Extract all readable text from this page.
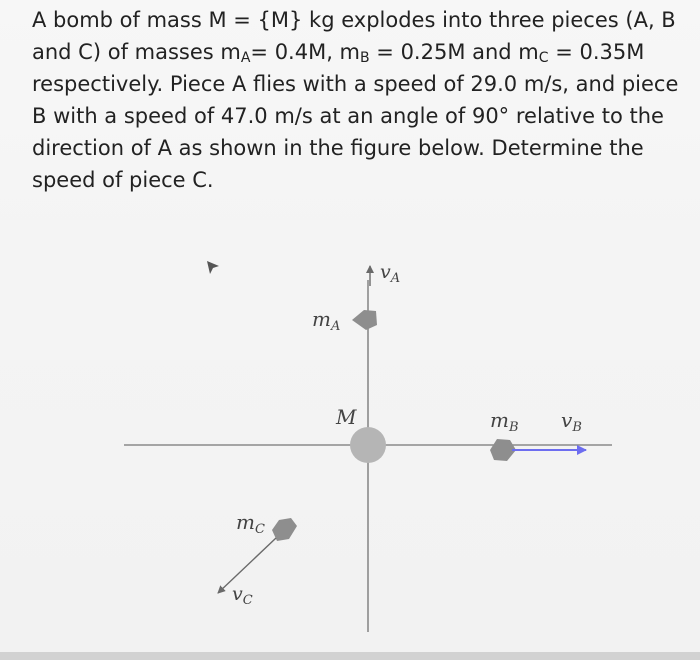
A bomb of mass M = {M} kg explodes into three pieces (A, B
and C) of masses $m_A= 0.4M$, $m_B = 0.25M$ and $m_C = 0.35M$
respectively. Piece A flies with a speed of 29.0 m/s, and piece
B with a speed of 47.0 m/s at an angle of 90° relative to the
direction of A as shown in the figure below. Determine the
speed of piece C.
$v_A$
$m_A$
M	$m_B$ $v_B$
$m_C$
$v_C$
